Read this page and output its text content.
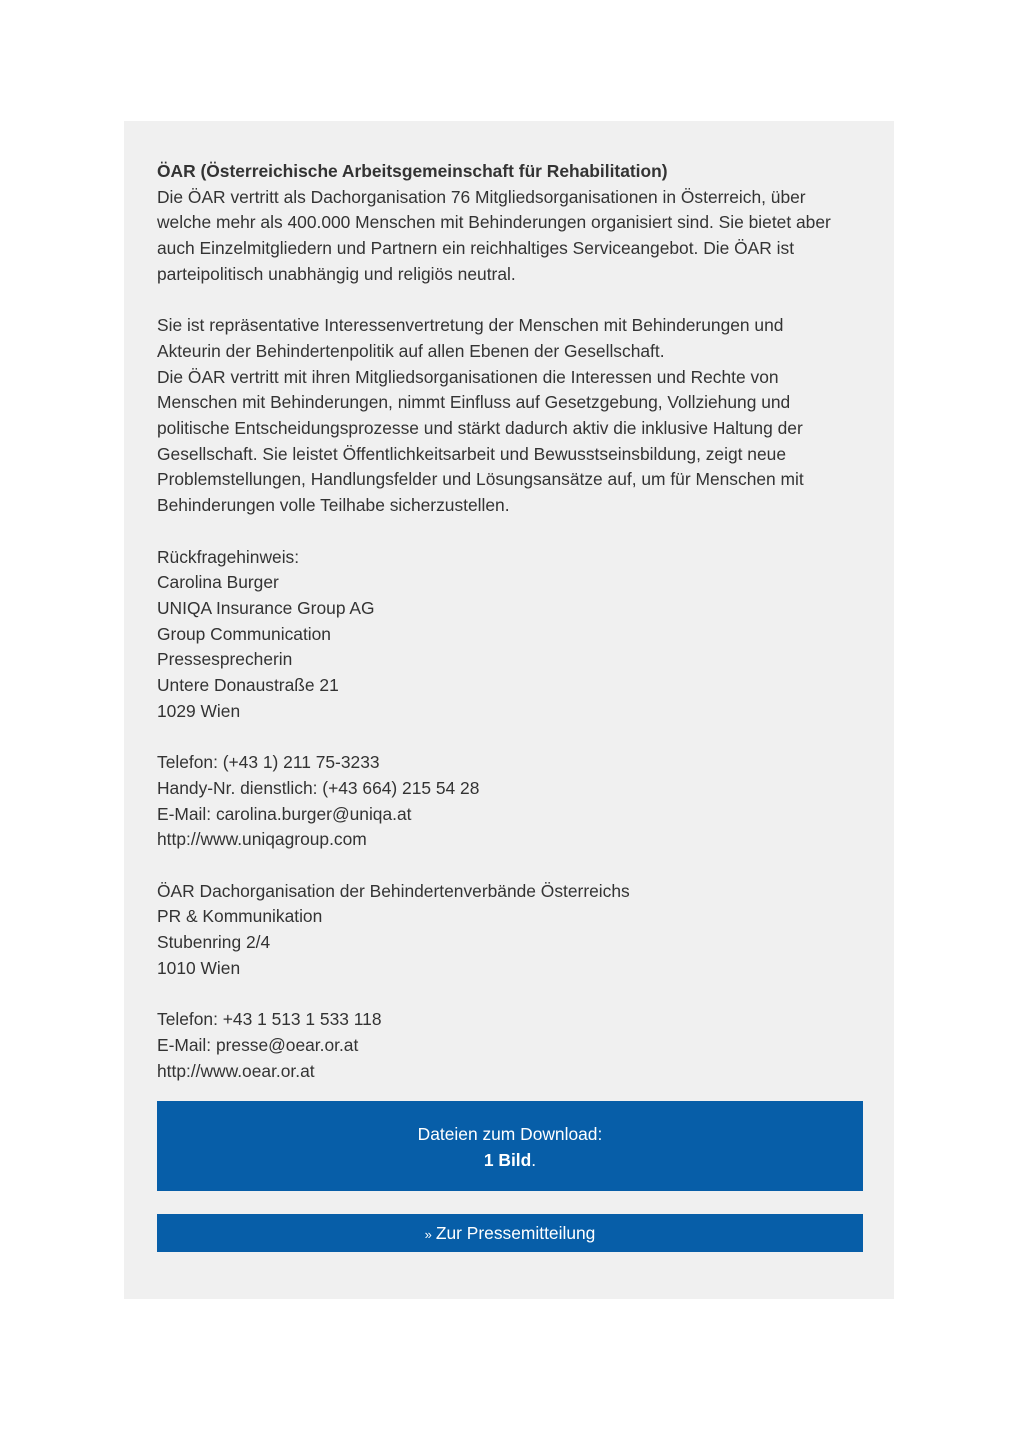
ÖAR (Österreichische Arbeitsgemeinschaft für Rehabilitation)
Die ÖAR vertritt als Dachorganisation 76 Mitgliedsorganisationen in Österreich, über
welche mehr als 400.000 Menschen mit Behinderungen organisiert sind. Sie bietet aber
auch Einzelmitgliedern und Partnern ein reichhaltiges Serviceangebot. Die ÖAR ist
parteipolitisch unabhängig und religiös neutral.
Sie ist repräsentative Interessenvertretung der Menschen mit Behinderungen und
Akteurin der Behindertenpolitik auf allen Ebenen der Gesellschaft.
Die ÖAR vertritt mit ihren Mitgliedsorganisationen die Interessen und Rechte von
Menschen mit Behinderungen, nimmt Einfluss auf Gesetzgebung, Vollziehung und
politische Entscheidungsprozesse und stärkt dadurch aktiv die inklusive Haltung der
Gesellschaft. Sie leistet Öffentlichkeitsarbeit und Bewusstseinsbildung, zeigt neue
Problemstellungen, Handlungsfelder und Lösungsansätze auf, um für Menschen mit
Behinderungen volle Teilhabe sicherzustellen.
Rückfragehinweis:
Carolina Burger
UNIQA Insurance Group AG
Group Communication
Pressesprecherin
Untere Donaustraße 21
1029 Wien
Telefon: (+43 1) 211 75-3233
Handy-Nr. dienstlich: (+43 664) 215 54 28
E-Mail: carolina.burger@uniqa.at
http://www.uniqagroup.com
ÖAR Dachorganisation der Behindertenverbände Österreichs
PR & Kommunikation
Stubenring 2/4
1010 Wien
Telefon: +43 1 513 1 533 118
E-Mail: presse@oear.or.at
http://www.oear.or.at
Dateien zum Download:
1 Bild.
» Zur Pressemitteilung
